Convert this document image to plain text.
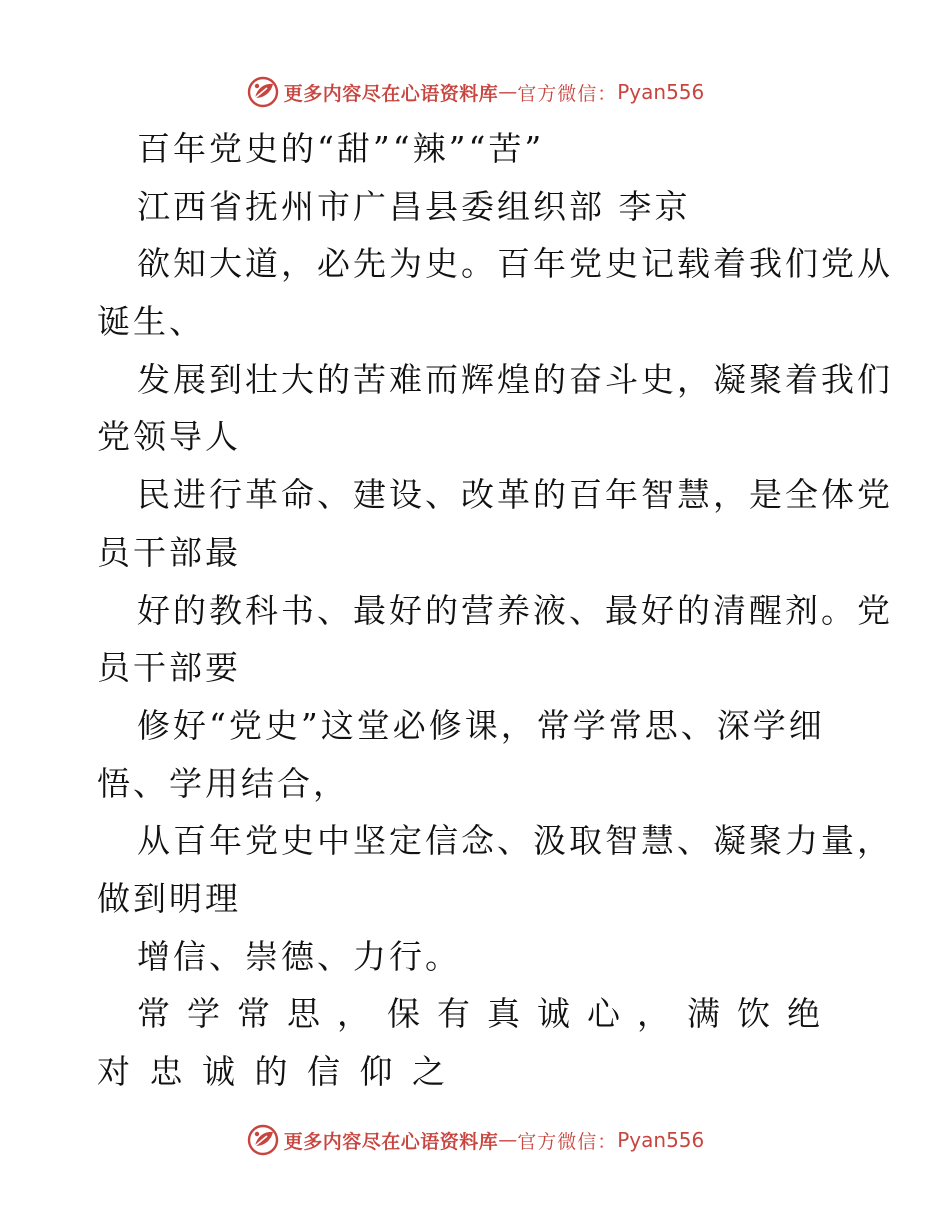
更多内容尽在心语资料库 — 官方微信： Pyan556
百年党史的“甜”“辣”“苦”
江西省抚州市广昌县委组织部 李京
欲知大道，必先为史。百年党史记载着我们党从
诞生、
发展到壮大的苦难而辉煌的奋斗史，凝聚着我们
党领导人
民进行革命、建设、改革的百年智慧，是全体党
员干部最
好的教科书、最好的营养液、最好的清醒剂。党
员干部要
修好“党史”这堂必修课，常学常思、深学细
悟、学用结合，
从百年党史中坚定信念、汲取智慧、凝聚力量，
做到明理
增信、崇德、力行。
常学常思，保有真诚心，满饮绝
对忠诚的信仰之
更多内容尽在心语资料库 — 官方微信： Pyan556
